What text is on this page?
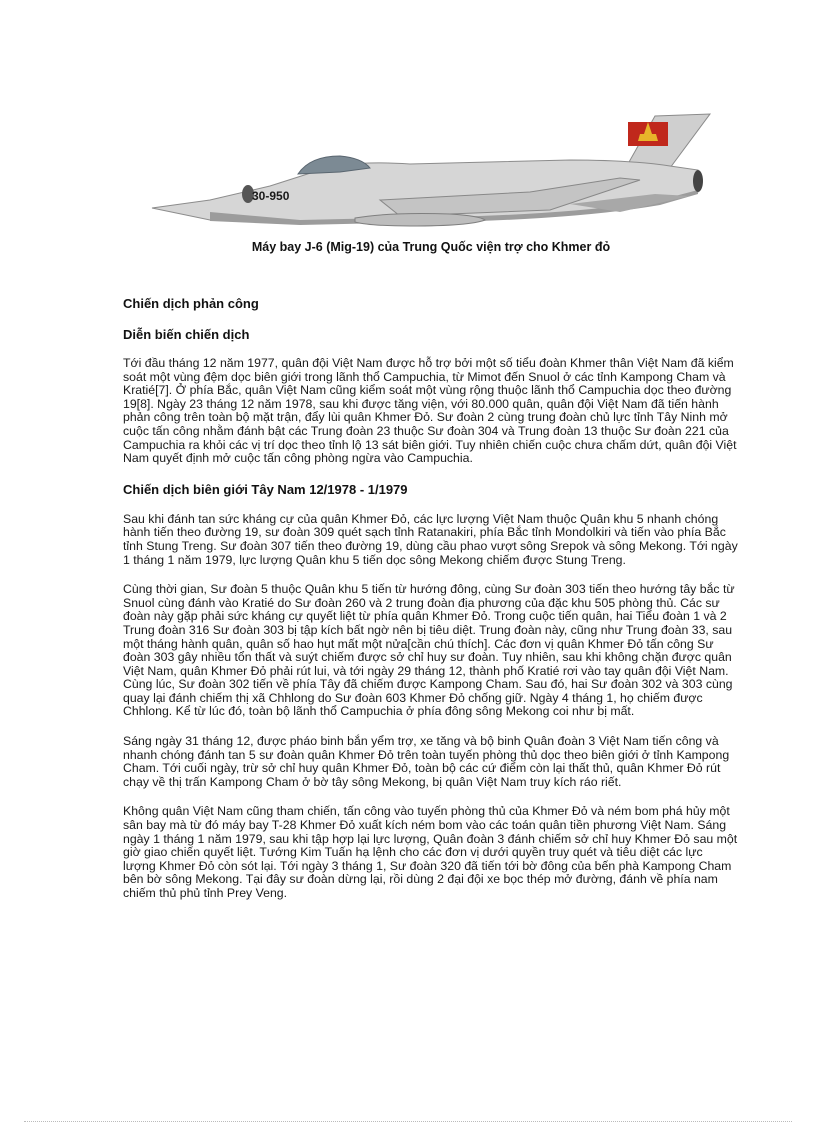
30-950
Máy bay J-6 (Mig-19) của Trung Quốc viện trợ cho Khmer đỏ
Chiến dịch phản công
Diễn biến chiến dịch

Tới đầu tháng 12 năm 1977, quân đội Việt Nam được hỗ trợ bởi một số tiểu đoàn Khmer thân Việt Nam đã kiểm soát một vùng đệm dọc biên giới trong lãnh thổ Campuchia, từ Mimot đến Snuol ở các tỉnh Kampong Cham và Kratié[7]. Ở phía Bắc, quân Việt Nam cũng kiểm soát một vùng rộng thuộc lãnh thổ Campuchia dọc theo đường 19[8]. Ngày 23 tháng 12 năm 1978, sau khi được tăng viện, với 80.000 quân, quân đội Việt Nam đã tiến hành phản công trên toàn bộ mặt trận, đẩy lùi quân Khmer Đỏ. Sư đoàn 2 cùng trung đoàn chủ lực tỉnh Tây Ninh mở cuộc tấn công nhằm đánh bật các Trung đoàn 23 thuộc Sư đoàn 304 và Trung đoàn 13 thuộc Sư đoàn 221 của Campuchia ra khỏi các vị trí dọc theo tỉnh lộ 13 sát biên giới. Tuy nhiên chiến cuộc chưa chấm dứt, quân đội Việt Nam quyết định mở cuộc tấn công phòng ngừa vào Campuchia.

Chiến dịch biên giới Tây Nam 12/1978 - 1/1979

Sau khi đánh tan sức kháng cự của quân Khmer Đỏ, các lực lượng Việt Nam thuộc Quân khu 5 nhanh chóng hành tiến theo đường 19, sư đoàn 309 quét sạch tỉnh Ratanakiri, phía Bắc tỉnh Mondolkiri và tiến vào phía Bắc tỉnh Stung Treng. Sư đoàn 307 tiến theo đường 19, dùng cầu phao vượt sông Srepok và sông Mekong. Tới ngày 1 tháng 1 năm 1979, lực lượng Quân khu 5 tiến dọc sông Mekong chiếm được Stung Treng.

Cùng thời gian, Sư đoàn 5 thuộc Quân khu 5 tiến từ hướng đông, cùng Sư đoàn 303 tiến theo hướng tây bắc từ Snuol cùng đánh vào Kratié do Sư đoàn 260 và 2 trung đoàn địa phương của đặc khu 505 phòng thủ. Các sư đoàn này gặp phải sức kháng cự quyết liệt từ phía quân Khmer Đỏ. Trong cuộc tiến quân, hai Tiểu đoàn 1 và 2 Trung đoàn 316 Sư đoàn 303 bị tập kích bất ngờ nên bị tiêu diệt. Trung đoàn này, cũng như Trung đoàn 33, sau một tháng hành quân, quân số hao hụt mất một nửa[cần chú thích]. Các đơn vị quân Khmer Đỏ tấn công Sư đoàn 303 gây nhiều tổn thất và suýt chiếm được sở chỉ huy sư đoàn. Tuy nhiên, sau khi không chặn được quân Việt Nam, quân Khmer Đỏ phải rút lui, và tới ngày 29 tháng 12, thành phố Kratié rơi vào tay quân đội Việt Nam. Cùng lúc, Sư đoàn 302 tiến về phía Tây đã chiếm được Kampong Cham. Sau đó, hai Sư đoàn 302 và 303 cùng quay lại đánh chiếm thị xã Chhlong do Sư đoàn 603 Khmer Đỏ chống giữ. Ngày 4 tháng 1, họ chiếm được Chhlong. Kể từ lúc đó, toàn bộ lãnh thổ Campuchia ở phía đông sông Mekong coi như bị mất.

Sáng ngày 31 tháng 12, được pháo binh bắn yểm trợ, xe tăng và bộ binh Quân đoàn 3 Việt Nam tiến công và nhanh chóng đánh tan 5 sư đoàn quân Khmer Đỏ trên toàn tuyến phòng thủ dọc theo biên giới ở tỉnh Kampong Cham. Tới cuối ngày, trừ sở chỉ huy quân Khmer Đỏ, toàn bộ các cứ điểm còn lại thất thủ, quân Khmer Đỏ rút chạy về thị trấn Kampong Cham ở bờ tây sông Mekong, bị quân Việt Nam truy kích ráo riết.

Không quân Việt Nam cũng tham chiến, tấn công vào tuyến phòng thủ của Khmer Đỏ và ném bom phá hủy một sân bay mà từ đó máy bay T-28 Khmer Đỏ xuất kích ném bom vào các toán quân tiền phương Việt Nam. Sáng ngày 1 tháng 1 năm 1979, sau khi tập hợp lại lực lượng, Quân đoàn 3 đánh chiếm sở chỉ huy Khmer Đỏ sau một giờ giao chiến quyết liệt. Tướng Kim Tuấn hạ lệnh cho các đơn vị dưới quyền truy quét và tiêu diệt các lực lượng Khmer Đỏ còn sót lại. Tới ngày 3 tháng 1, Sư đoàn 320 đã tiến tới bờ đông của bến phà Kampong Cham bên bờ sông Mekong. Tại đây sư đoàn dừng lại, rồi dùng 2 đại đội xe bọc thép mở đường, đánh về phía nam chiếm thủ phủ tỉnh Prey Veng.
